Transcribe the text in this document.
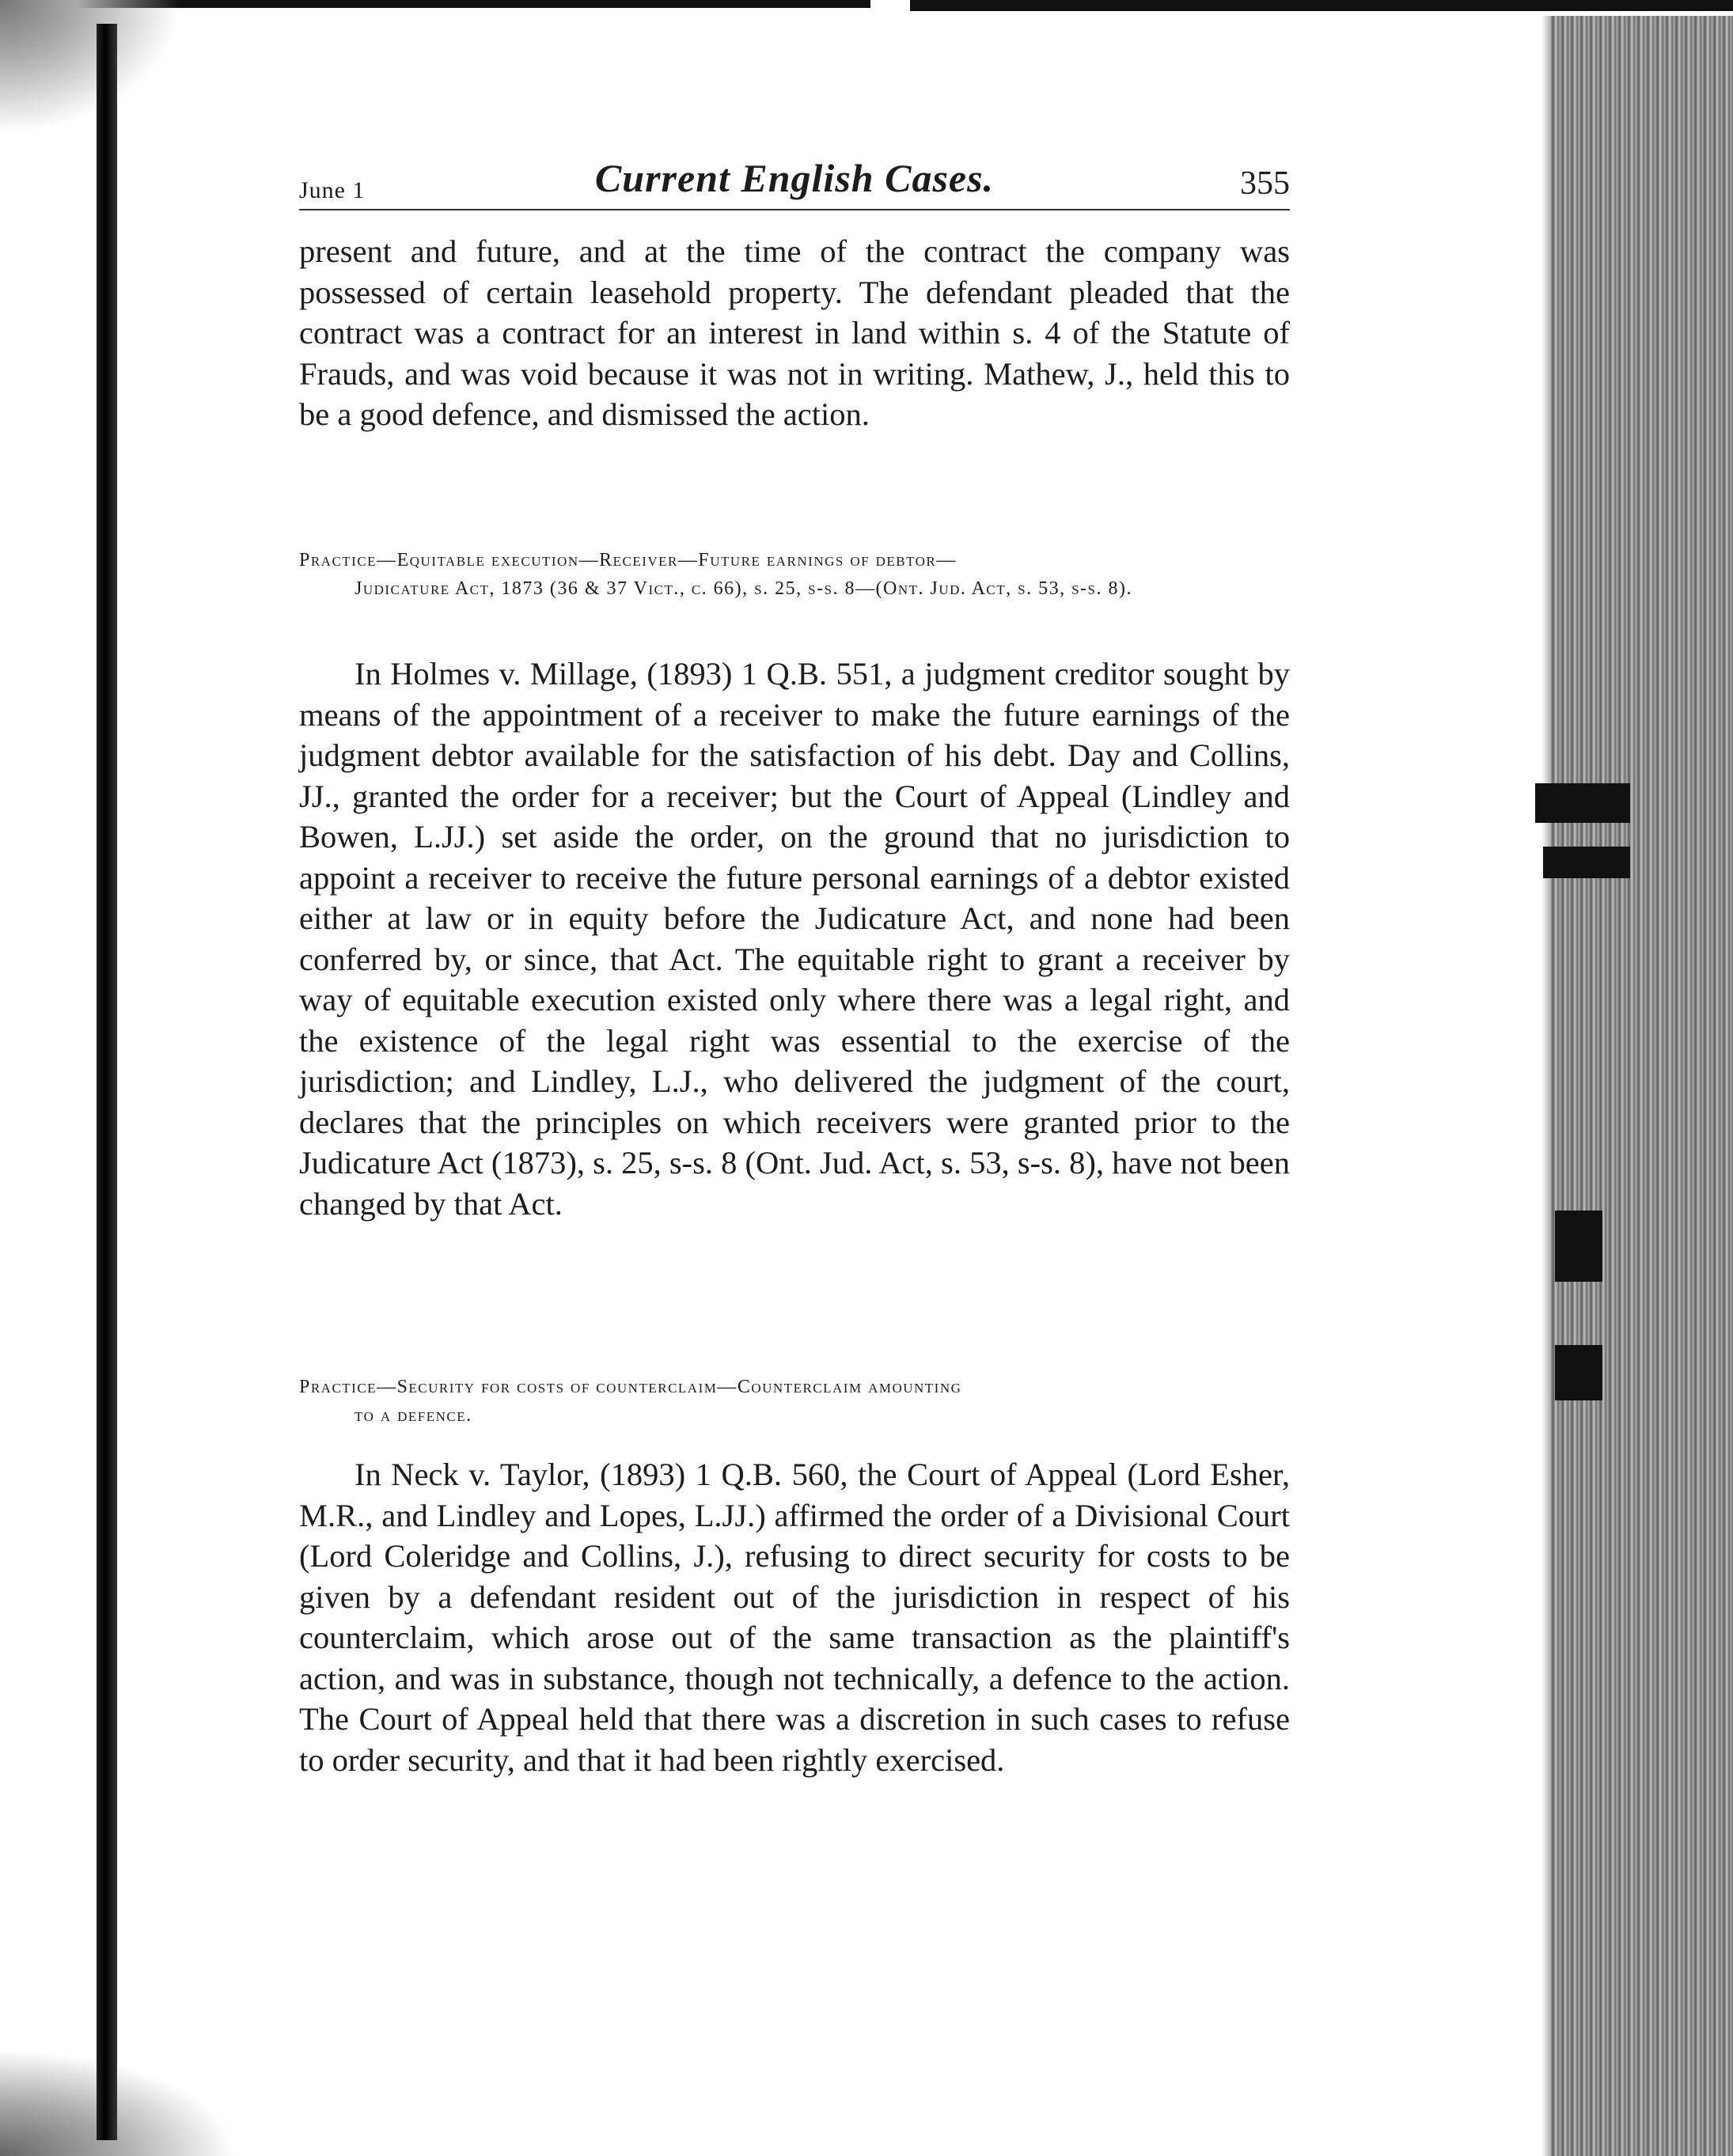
June 1	Current English Cases.	355

present and future, and at the time of the contract the company was possessed of certain leasehold property. The defendant pleaded that the contract was a contract for an interest in land within s. 4 of the Statute of Frauds, and was void because it was not in writing. Mathew, J., held this to be a good defence, and dismissed the action.

Practice—Equitable execution—Receiver—Future earnings of debtor—
Judicature Act, 1873 (36 & 37 Vict., c. 66), s. 25, s-s. 8—(Ont. Jud. Act, s. 53, s-s. 8).

In Holmes v. Millage, (1893) 1 Q.B. 551, a judgment creditor sought by means of the appointment of a receiver to make the future earnings of the judgment debtor available for the satisfaction of his debt. Day and Collins, JJ., granted the order for a receiver; but the Court of Appeal (Lindley and Bowen, L.JJ.) set aside the order, on the ground that no jurisdiction to appoint a receiver to receive the future personal earnings of a debtor existed either at law or in equity before the Judicature Act, and none had been conferred by, or since, that Act. The equitable right to grant a receiver by way of equitable execution existed only where there was a legal right, and the existence of the legal right was essential to the exercise of the jurisdiction; and Lindley, L.J., who delivered the judgment of the court, declares that the principles on which receivers were granted prior to the Judicature Act (1873), s. 25, s-s. 8 (Ont. Jud. Act, s. 53, s-s. 8), have not been changed by that Act.

Practice—Security for costs of counterclaim—Counterclaim amounting
to a defence.

In Neck v. Taylor, (1893) 1 Q.B. 560, the Court of Appeal (Lord Esher, M.R., and Lindley and Lopes, L.JJ.) affirmed the order of a Divisional Court (Lord Coleridge and Collins, J.), refusing to direct security for costs to be given by a defendant resident out of the jurisdiction in respect of his counterclaim, which arose out of the same transaction as the plaintiff's action, and was in substance, though not technically, a defence to the action. The Court of Appeal held that there was a discretion in such cases to refuse to order security, and that it had been rightly exercised.
